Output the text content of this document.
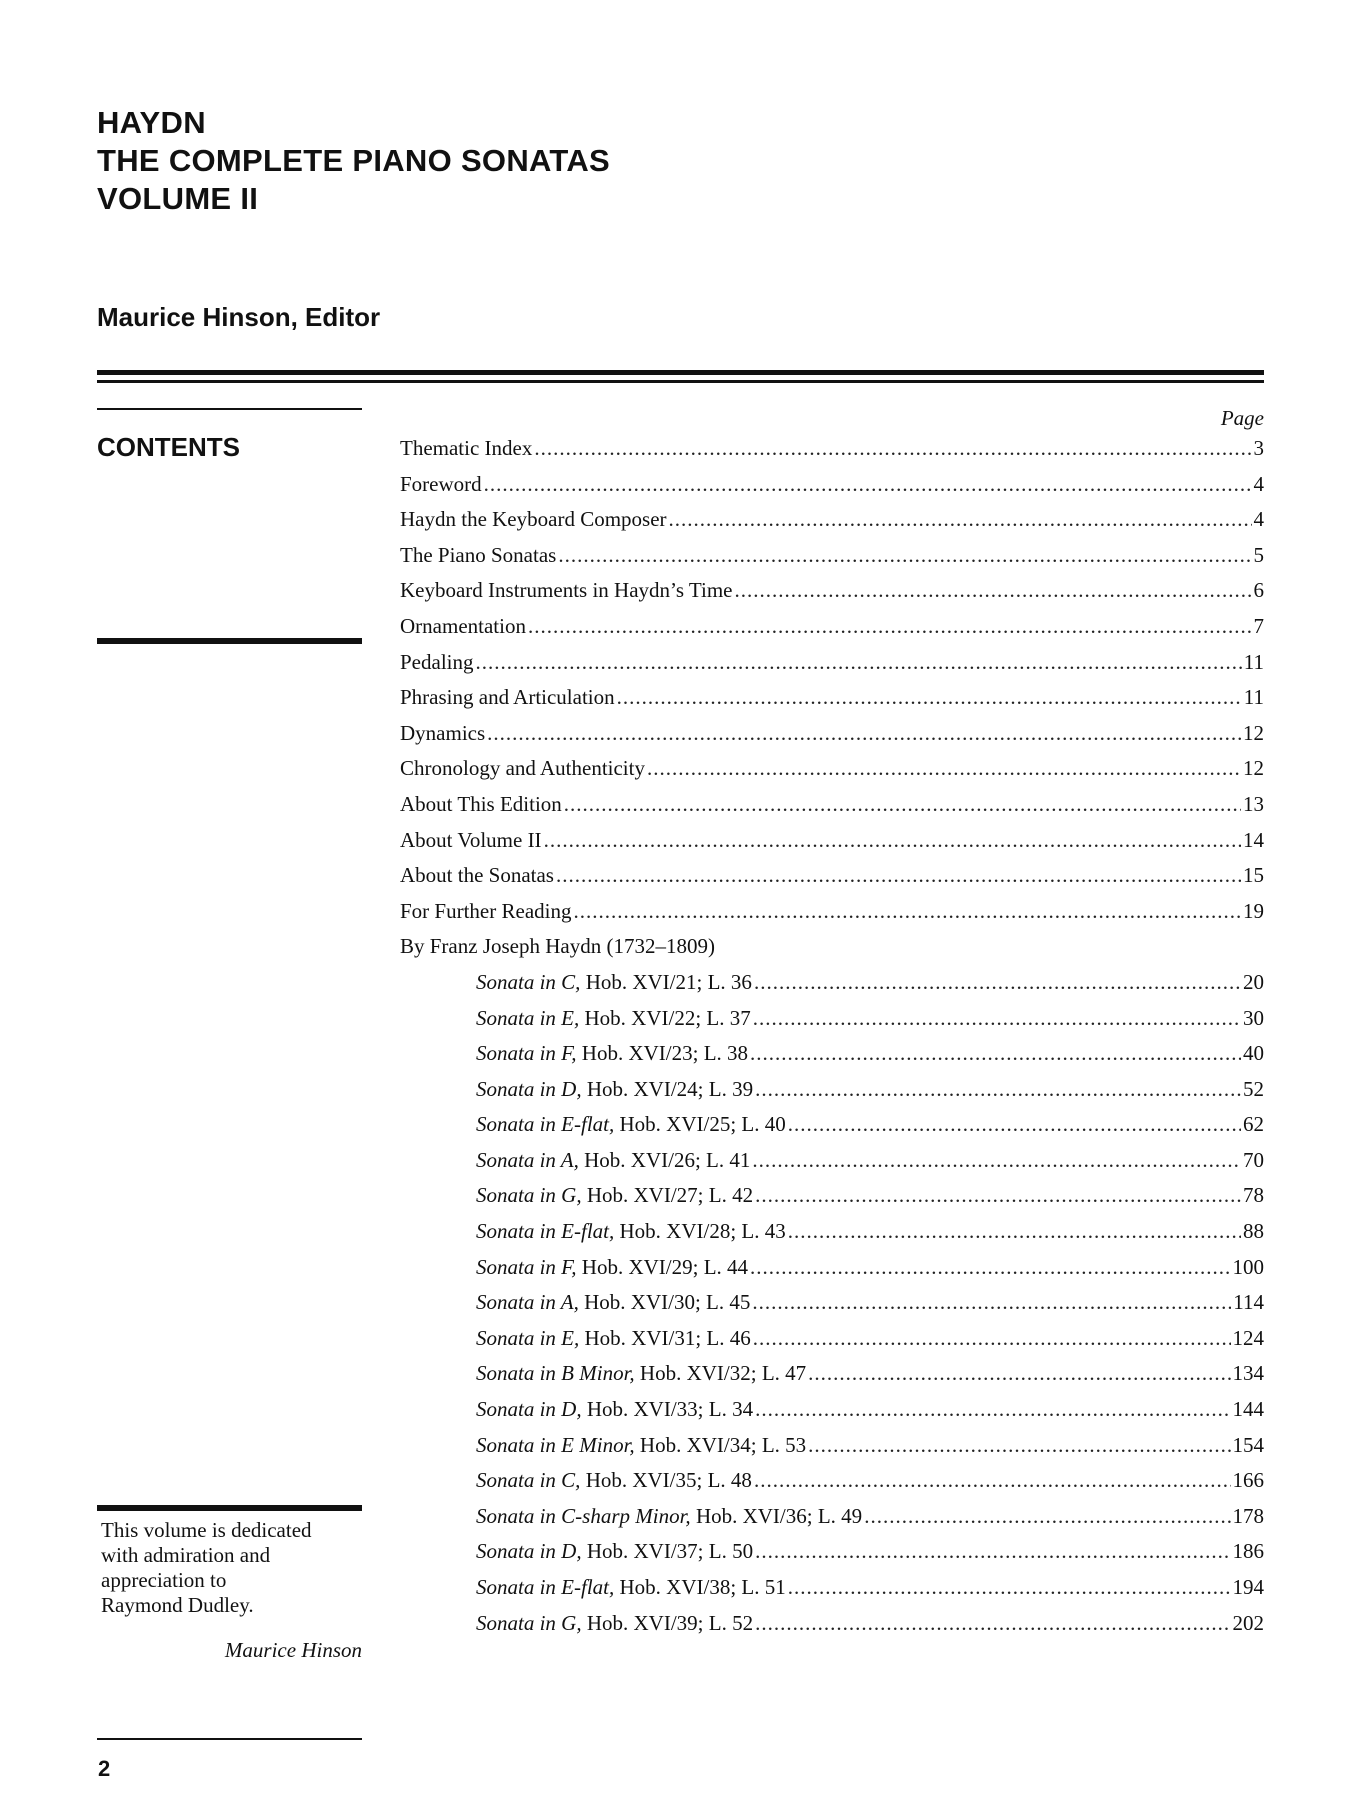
HAYDN
THE COMPLETE PIANO SONATAS
VOLUME II
Maurice Hinson, Editor
CONTENTS
Page
Thematic Index .....	3
Foreword .....	4
Haydn the Keyboard Composer .....	4
The Piano Sonatas .....	5
Keyboard Instruments in Haydn’s Time .....	6
Ornamentation .....	7
Pedaling .....	11
Phrasing and Articulation .....	11
Dynamics .....	12
Chronology and Authenticity .....	12
About This Edition .....	13
About Volume II .....	14
About the Sonatas .....	15
For Further Reading .....	19
By Franz Joseph Haydn (1732–1809)
Sonata in C, Hob. XVI/21; L. 36 .....	20
Sonata in E, Hob. XVI/22; L. 37 .....	30
Sonata in F, Hob. XVI/23; L. 38 .....	40
Sonata in D, Hob. XVI/24; L. 39 .....	52
Sonata in E-flat, Hob. XVI/25; L. 40 .....	62
Sonata in A, Hob. XVI/26; L. 41 .....	70
Sonata in G, Hob. XVI/27; L. 42 .....	78
Sonata in E-flat, Hob. XVI/28; L. 43 .....	88
Sonata in F, Hob. XVI/29; L. 44 .....	100
Sonata in A, Hob. XVI/30; L. 45 .....	114
Sonata in E, Hob. XVI/31; L. 46 .....	124
Sonata in B Minor, Hob. XVI/32; L. 47 .....	134
Sonata in D, Hob. XVI/33; L. 34 .....	144
Sonata in E Minor, Hob. XVI/34; L. 53 .....	154
Sonata in C, Hob. XVI/35; L. 48 .....	166
Sonata in C-sharp Minor, Hob. XVI/36; L. 49 .....	178
Sonata in D, Hob. XVI/37; L. 50 .....	186
Sonata in E-flat, Hob. XVI/38; L. 51 .....	194
Sonata in G, Hob. XVI/39; L. 52 .....	202
This volume is dedicated
with admiration and
appreciation to
Raymond Dudley.
Maurice Hinson
2
